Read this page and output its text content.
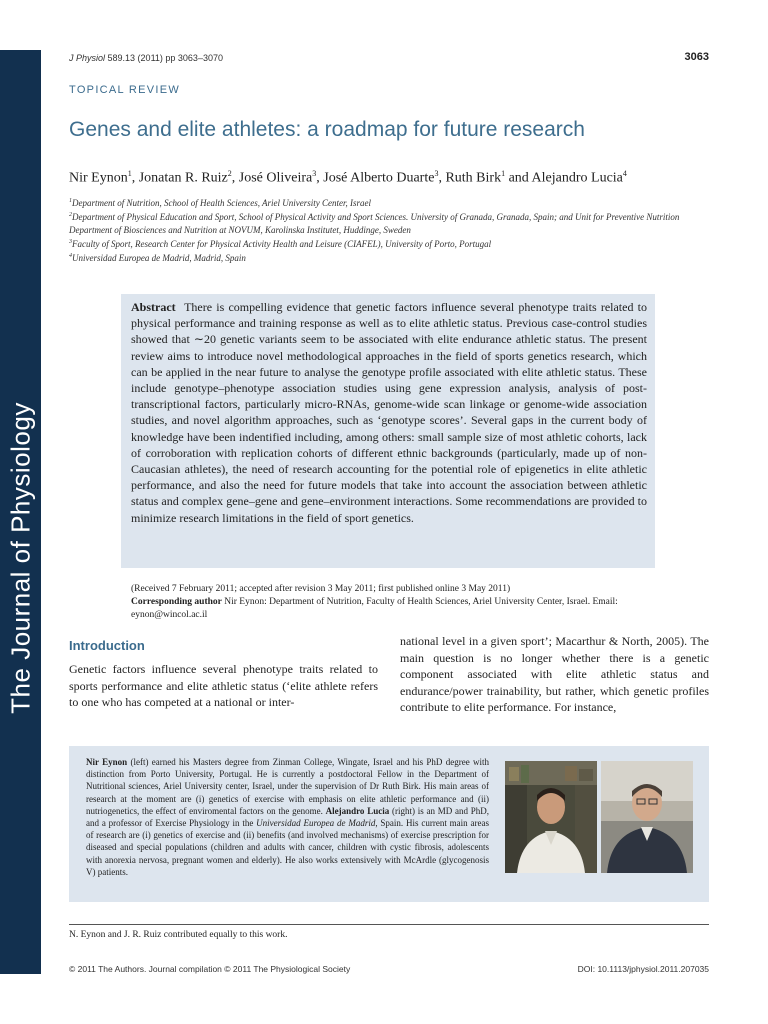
The Journal of Physiology
J Physiol 589.13 (2011) pp 3063–3070	3063
TOPICAL REVIEW
Genes and elite athletes: a roadmap for future research
Nir Eynon$^1$, Jonatan R. Ruiz$^2$, José Oliveira$^3$, José Alberto Duarte$^3$, Ruth Birk$^1$ and Alejandro Lucia$^4$
$^1$Department of Nutrition, School of Health Sciences, Ariel University Center, Israel
$^2$Department of Physical Education and Sport, School of Physical Activity and Sport Sciences. University of Granada, Granada, Spain; and Unit for Preventive Nutrition Department of Biosciences and Nutrition at NOVUM, Karolinska Institutet, Huddinge, Sweden
$^3$Faculty of Sport, Research Center for Physical Activity Health and Leisure (CIAFEL), University of Porto, Portugal
$^4$Universidad Europea de Madrid, Madrid, Spain
Abstract There is compelling evidence that genetic factors influence several phenotype traits related to physical performance and training response as well as to elite athletic status. Previous case-control studies showed that ∼20 genetic variants seem to be associated with elite endurance athletic status. The present review aims to introduce novel methodological approaches in the field of sports genetics research, which can be applied in the near future to analyse the genotype profile associated with elite athletic status. These include genotype–phenotype association studies using gene expression analysis, analysis of post-transcriptional factors, particularly micro-RNAs, genome-wide scan linkage or genome-wide association studies, and novel algorithm approaches, such as ‘genotype scores’. Several gaps in the current body of knowledge have been indentified including, among others: small sample size of most athletic cohorts, lack of corroboration with replication cohorts of different ethnic backgrounds (particularly, made up of non-Caucasian athletes), the need of research accounting for the potential role of epigenetics in elite athletic performance, and also the need for future models that take into account the association between athletic status and complex gene–gene and gene–environment interactions. Some recommendations are provided to minimize research limitations in the field of sport genetics.
(Received 7 February 2011; accepted after revision 3 May 2011; first published online 3 May 2011)
Corresponding author Nir Eynon: Department of Nutrition, Faculty of Health Sciences, Ariel University Center, Israel. Email: eynon@wincol.ac.il
Introduction
Genetic factors influence several phenotype traits related to sports performance and elite athletic status (‘elite athlete refers to one who has competed at a national or inter-
national level in a given sport’; Macarthur & North, 2005). The main question is no longer whether there is a genetic component associated with elite athletic status and endurance/power trainability, but rather, which genetic profiles contribute to elite performance. For instance,
Nir Eynon (left) earned his Masters degree from Zinman College, Wingate, Israel and his PhD degree with distinction from Porto University, Portugal. He is currently a postdoctoral Fellow in the Department of Nutritional sciences, Ariel University center, Israel, under the supervision of Dr Ruth Birk. His main areas of research at the moment are (i) genetics of exercise with emphasis on elite athletic performance and (ii) nutriogenetics, the effect of enviromental factors on the genome. Alejandro Lucia (right) is an MD and PhD, and a professor of Exercise Physiology in the Universidad Europea de Madrid, Spain. His current main areas of research are (i) genetics of exercise and (ii) benefits (and involved mechanisms) of exercise prescription for diseased and special populations (children and adults with cancer, children with cystic fibrosis, adolescents with anorexia nervosa, pregnant women and elderly). He also works extensively with McArdle (glycogenosis V) patients.
N. Eynon and J. R. Ruiz contributed equally to this work.
© 2011 The Authors. Journal compilation © 2011 The Physiological Society	DOI: 10.1113/jphysiol.2011.207035
